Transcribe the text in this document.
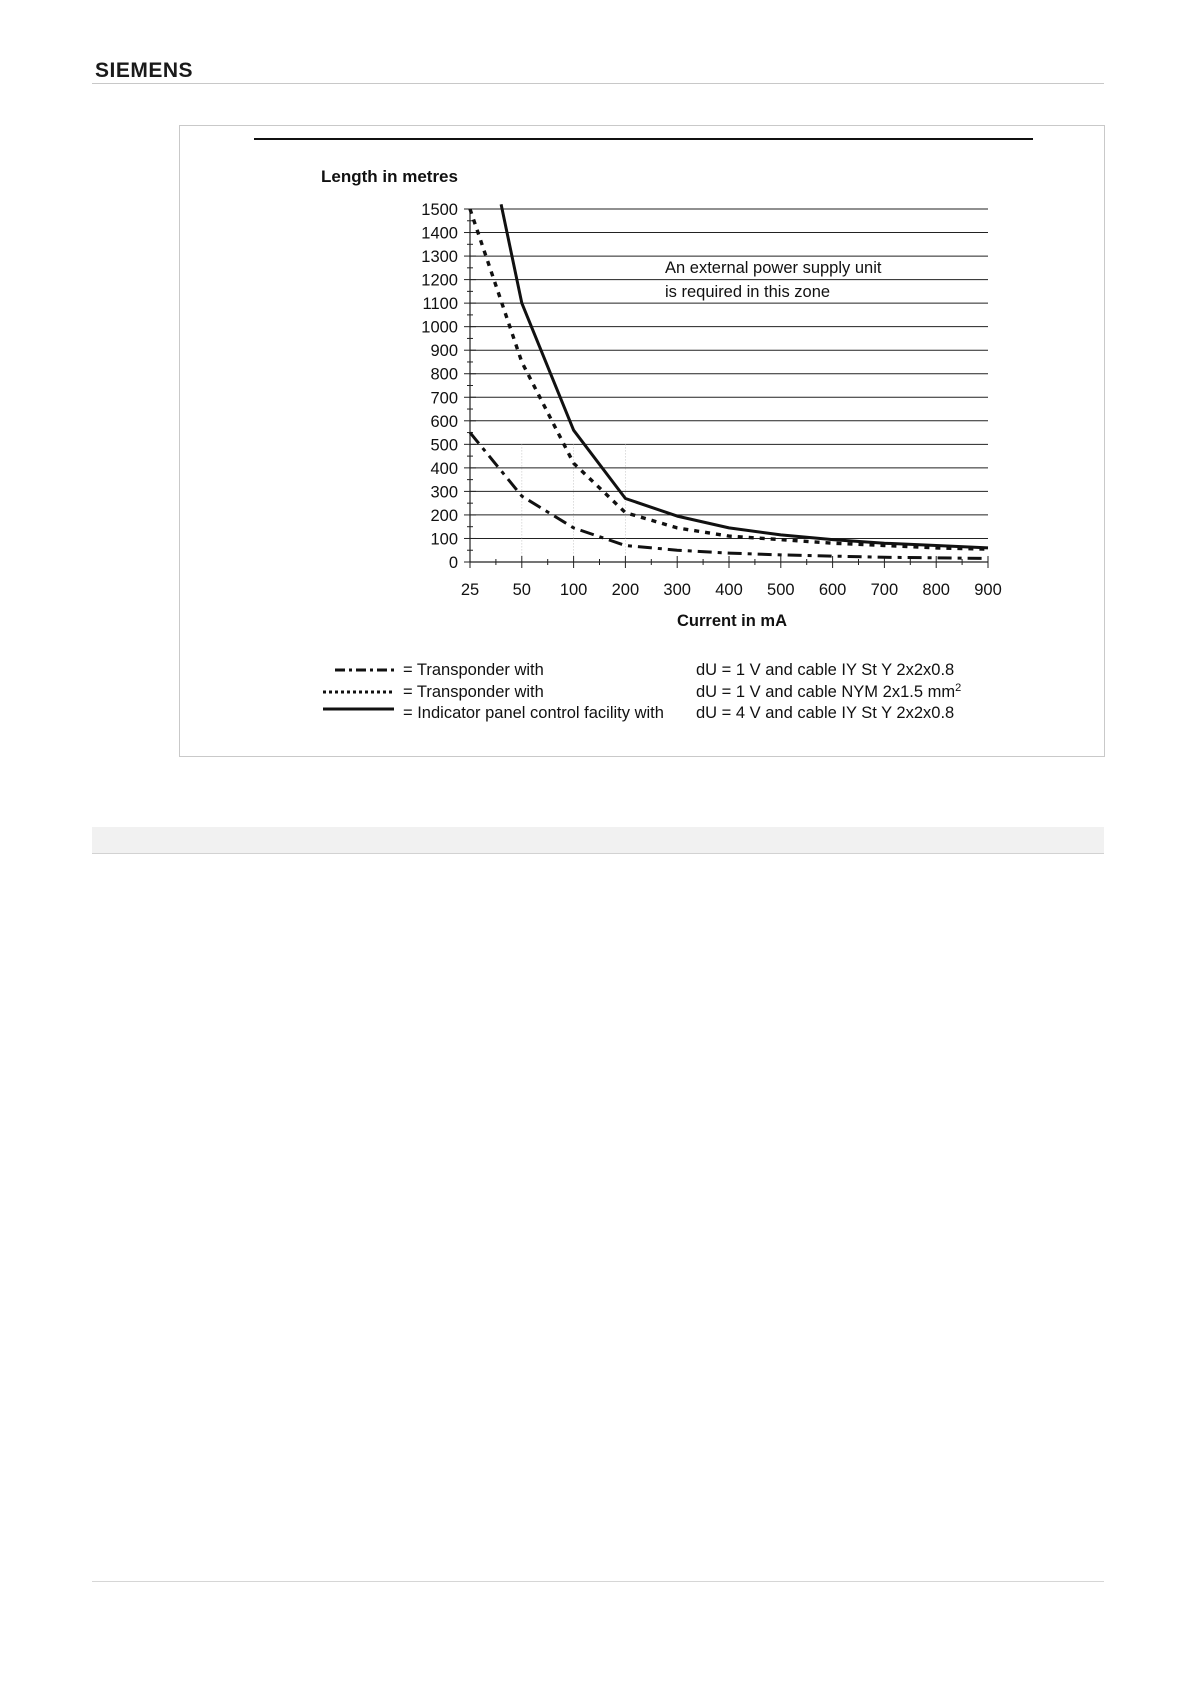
SIEMENS
Length in metres
0
100
200
300
400
500
600
700
800
900
1000
1100
1200
1300
1400
1500
25 50 100 200 300 400 500 600 700 800 900
An external power supply unit
is required in this zone
Current in mA
= Transponder with	dU = 1 V and cable IY St Y 2x2x0.8
= Transponder with	dU = 1 V and cable NYM 2x1.5 $mm^2$
= Indicator panel control facility with dU = 4 V and cable IY St Y 2x2x0.8
